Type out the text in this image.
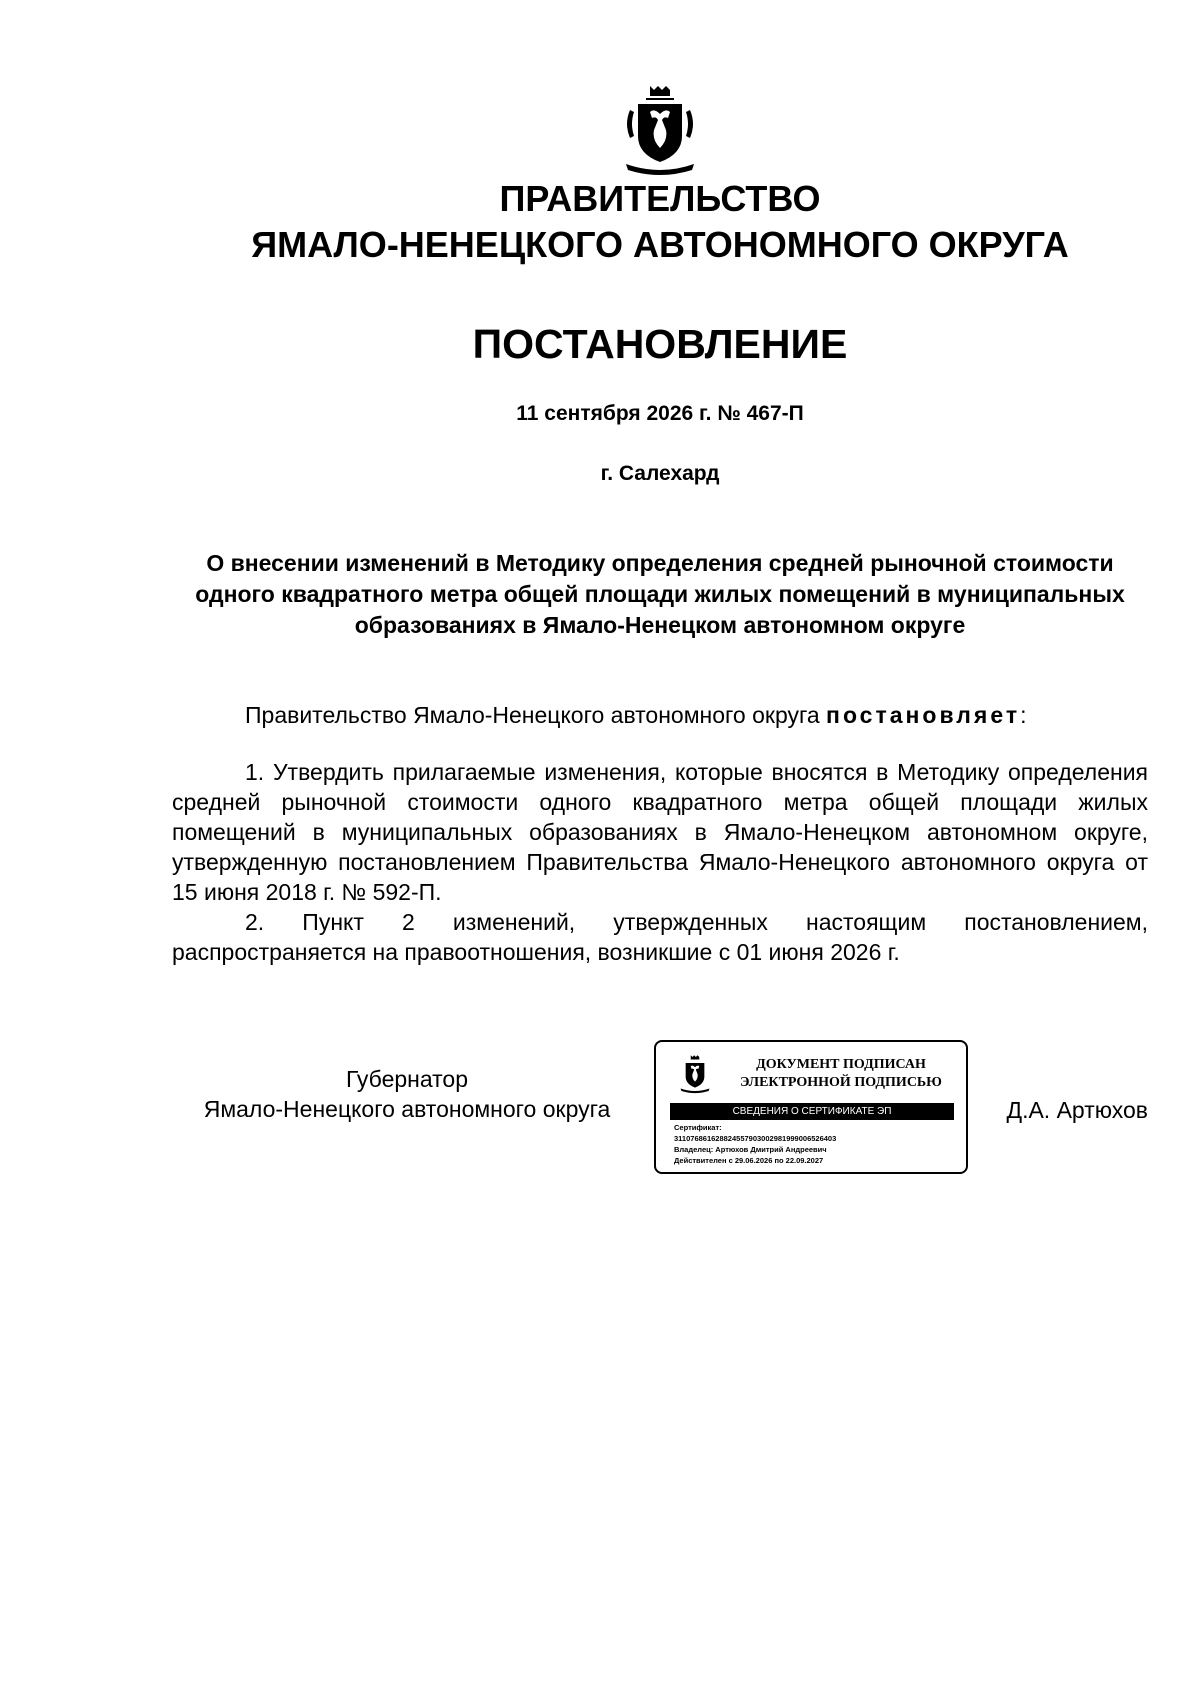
ПРАВИТЕЛЬСТВО
ЯМАЛО-НЕНЕЦКОГО АВТОНОМНОГО ОКРУГА
ПОСТАНОВЛЕНИЕ
11 сентября 2026 г. № 467-П
г. Салехард
О внесении изменений в Методику определения средней рыночной стоимости одного квадратного метра общей площади жилых помещений в муниципальных образованиях в Ямало-Ненецком автономном округе
Правительство Ямало-Ненецкого автономного округа постановляет:

1. Утвердить прилагаемые изменения, которые вносятся в Методику определения средней рыночной стоимости одного квадратного метра общей площади жилых помещений в муниципальных образованиях в Ямало-Ненецком автономном округе, утвержденную постановлением Правительства Ямало-Ненецкого автономного округа от 15 июня 2018 г. № 592-П.

2. Пункт 2 изменений, утвержденных настоящим постановлением, распространяется на правоотношения, возникшие с 01 июня 2026 г.

Губернатор
Ямало-Ненецкого автономного округа
ДОКУМЕНТ ПОДПИСАН
ЭЛЕКТРОННОЙ ПОДПИСЬЮ
СВЕДЕНИЯ О СЕРТИФИКАТЕ ЭП
Сертификат:
311076861628824557903002981999006526403
Владелец: Артюхов Дмитрий Андреевич
Действителен с 29.06.2026 по 22.09.2027
Д.А. Артюхов
